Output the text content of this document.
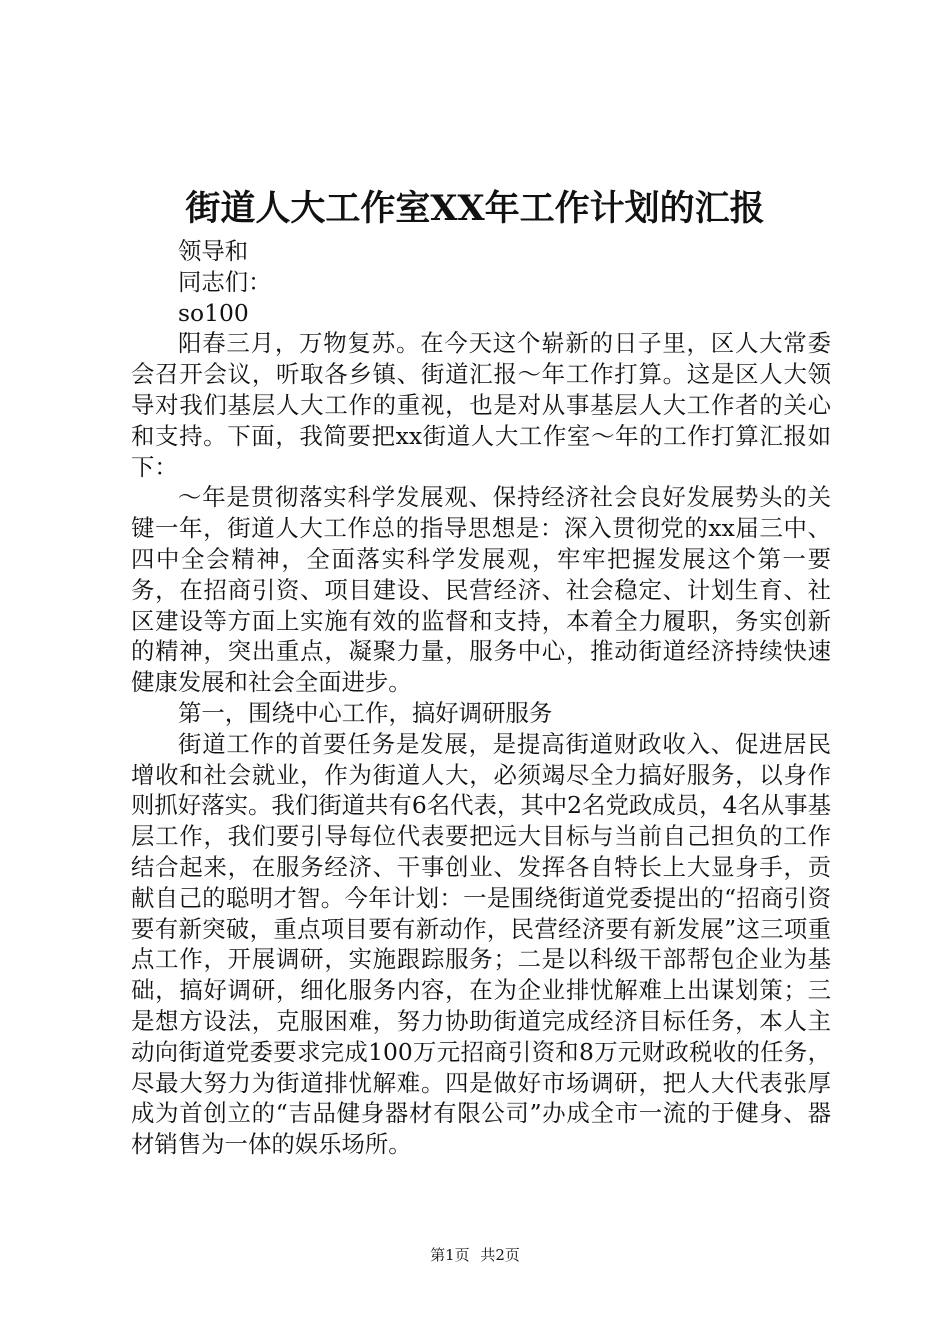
街道人大工作室XX年工作计划的汇报

领导和

同志们：

so100

阳春三月，万物复苏。在今天这个崭新的日子里，区人大常委会召开会议，听取各乡镇、街道汇报～年工作打算。这是区人大领导对我们基层人大工作的重视，也是对从事基层人大工作者的关心和支持。下面，我简要把xx街道人大工作室～年的工作打算汇报如下：

～年是贯彻落实科学发展观、保持经济社会良好发展势头的关键一年，街道人大工作总的指导思想是：深入贯彻党的xx届三中、四中全会精神，全面落实科学发展观，牢牢把握发展这个第一要务，在招商引资、项目建设、民营经济、社会稳定、计划生育、社区建设等方面上实施有效的监督和支持，本着全力履职，务实创新的精神，突出重点，凝聚力量，服务中心，推动街道经济持续快速健康发展和社会全面进步。

第一，围绕中心工作，搞好调研服务

街道工作的首要任务是发展，是提高街道财政收入、促进居民增收和社会就业，作为街道人大，必须竭尽全力搞好服务，以身作则抓好落实。我们街道共有6名代表，其中2名党政成员，4名从事基层工作，我们要引导每位代表要把远大目标与当前自己担负的工作结合起来，在服务经济、干事创业、发挥各自特长上大显身手，贡献自己的聪明才智。今年计划：一是围绕街道党委提出的“招商引资要有新突破，重点项目要有新动作，民营经济要有新发展”这三项重点工作，开展调研，实施跟踪服务；二是以科级干部帮包企业为基础，搞好调研，细化服务内容，在为企业排忧解难上出谋划策；三是想方设法，克服困难，努力协助街道完成经济目标任务，本人主动向街道党委要求完成100万元招商引资和8万元财政税收的任务，尽最大努力为街道排忧解难。四是做好市场调研，把人大代表张厚成为首创立的“吉品健身器材有限公司”办成全市一流的于健身、器材销售为一体的娱乐场所。

第1页 共2页
